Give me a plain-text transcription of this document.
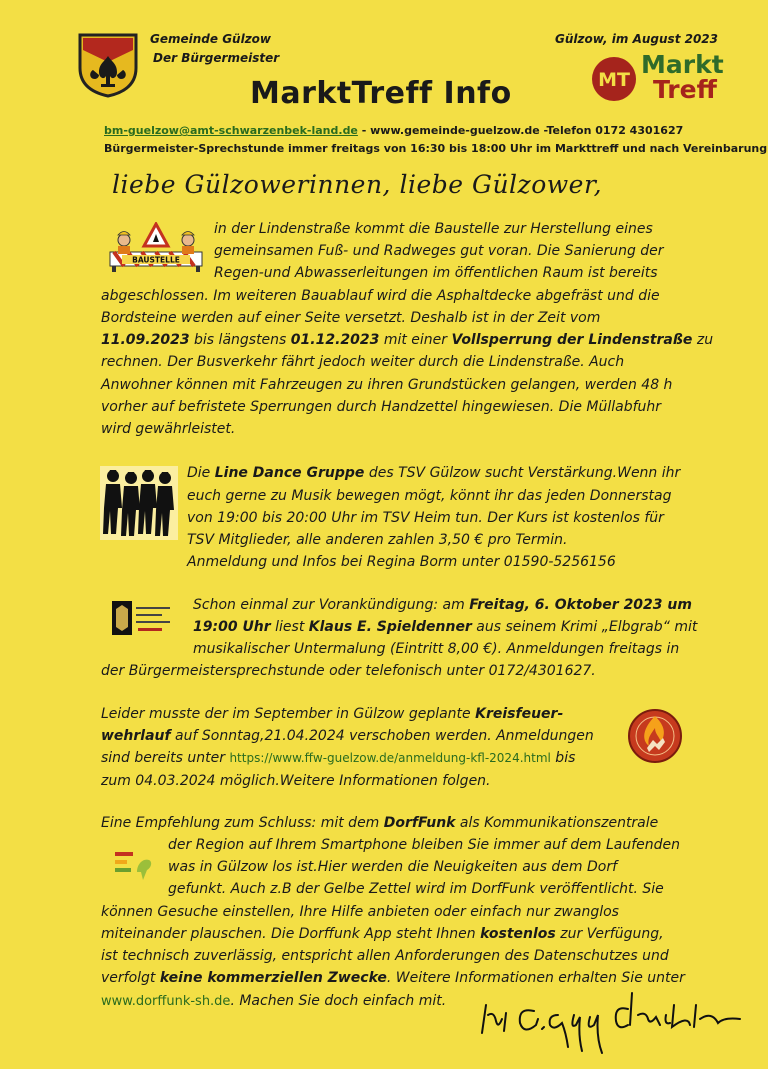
Gemeinde Gülzow
Der Bürgermeister
Gülzow, im August 2023
MarktTreff Info	MT
Markt
Treff
bm-guelzow@amt-schwarzenbek-land.de - www.gemeinde-guelzow.de -Telefon 0172 4301627
Bürgermeister-Sprechstunde immer freitags von 16:30 bis 18:00 Uhr im Markttreff und nach Vereinbarung
liebe Gülzowerinnen, liebe Gülzower,
BAUSTELLE

in der Lindenstraße kommt die Baustelle zur Herstellung eines

gemeinsamen Fuß- und Radweges gut voran. Die Sanierung der

Regen-und Abwasserleitungen im öffentlichen Raum ist bereits

abgeschlossen. Im weiteren Bauablauf wird die Asphaltdecke abgefräst und die

Bordsteine werden auf einer Seite versetzt. Deshalb ist in der Zeit vom

11.09.2023 bis längstens 01.12.2023 mit einer Vollsperrung der Lindenstraße zu

rechnen. Der Busverkehr fährt jedoch weiter durch die Lindenstraße. Auch

Anwohner können mit Fahrzeugen zu ihren Grundstücken gelangen, werden 48 h

vorher auf befristete Sperrungen durch Handzettel hingewiesen. Die Müllabfuhr

wird gewährleistet.

Die Line Dance Gruppe des TSV Gülzow sucht Verstärkung.Wenn ihr

euch gerne zu Musik bewegen mögt, könnt ihr das jeden Donnerstag

von 19:00 bis 20:00 Uhr im TSV Heim tun. Der Kurs ist kostenlos für

TSV Mitglieder, alle anderen zahlen 3,50 € pro Termin.

Anmeldung und Infos bei Regina Borm unter 01590-5256156

Schon einmal zur Vorankündigung: am Freitag, 6. Oktober 2023 um

19:00 Uhr liest Klaus E. Spieldenner aus seinem Krimi „Elbgrab“ mit

musikalischer Untermalung (Eintritt 8,00 €). Anmeldungen freitags in

der Bürgermeistersprechstunde oder telefonisch unter 0172/4301627.

Leider musste der im September in Gülzow geplante Kreisfeuer-

wehrlauf auf Sonntag,21.04.2024 verschoben werden. Anmeldungen

sind bereits unter https://www.ffw-guelzow.de/anmeldung-kfl-2024.html bis

zum 04.03.2024 möglich.Weitere Informationen folgen.

Eine Empfehlung zum Schluss: mit dem DorfFunk als Kommunikationszentrale

der Region auf Ihrem Smartphone bleiben Sie immer auf dem Laufenden

was in Gülzow los ist.Hier werden die Neuigkeiten aus dem Dorf

gefunkt. Auch z.B der Gelbe Zettel wird im DorfFunk veröffentlicht. Sie

können Gesuche einstellen, Ihre Hilfe anbieten oder einfach nur zwanglos

miteinander plauschen. Die Dorffunk App steht Ihnen kostenlos zur Verfügung,

ist technisch zuverlässig, entspricht allen Anforderungen des Datenschutzes und

verfolgt keine kommerziellen Zwecke. Weitere Informationen erhalten Sie unter

www.dorffunk-sh.de. Machen Sie doch einfach mit.
